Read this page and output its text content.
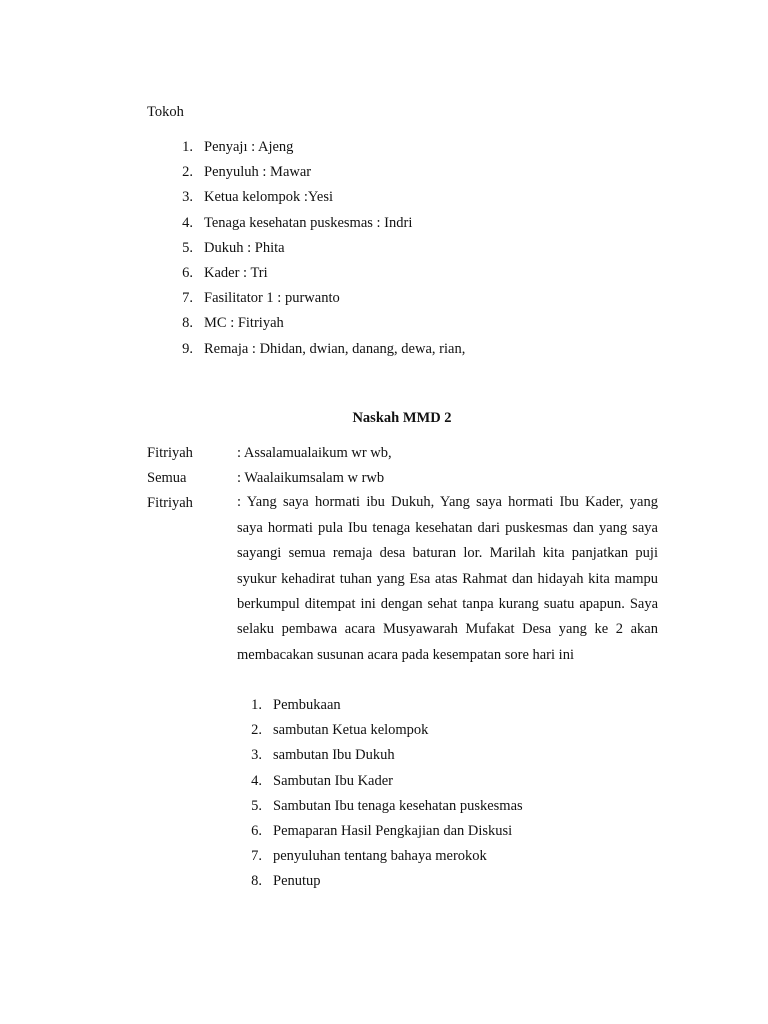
Tokoh
1. Penyajı : Ajeng
2. Penyuluh : Mawar
3. Ketua kelompok :Yesi
4. Tenaga kesehatan puskesmas : Indri
5. Dukuh : Phita
6. Kader : Tri
7. Fasilitator 1 : purwanto
8. MC : Fitriyah
9. Remaja : Dhidan, dwian, danang, dewa, rian,
Naskah MMD 2
Fitriyah	: Assalamualaikum wr wb,
Semua	: Waalaikumsalam w rwb
Fitriyah	: Yang saya hormati ibu Dukuh, Yang saya hormati Ibu Kader, yang saya hormati pula Ibu tenaga kesehatan dari puskesmas dan yang saya sayangi semua remaja desa baturan lor. Marilah kita panjatkan puji syukur kehadirat tuhan yang Esa atas Rahmat dan hidayah kita mampu berkumpul ditempat ini dengan sehat tanpa kurang suatu apapun. Saya selaku pembawa acara Musyawarah Mufakat Desa yang ke 2 akan membacakan susunan acara pada kesempatan sore hari ini
1. Pembukaan
2. sambutan Ketua kelompok
3. sambutan Ibu Dukuh
4. Sambutan Ibu Kader
5. Sambutan Ibu tenaga kesehatan puskesmas
6. Pemaparan Hasil Pengkajian dan Diskusi
7. penyuluhan tentang bahaya merokok
8. Penutup
